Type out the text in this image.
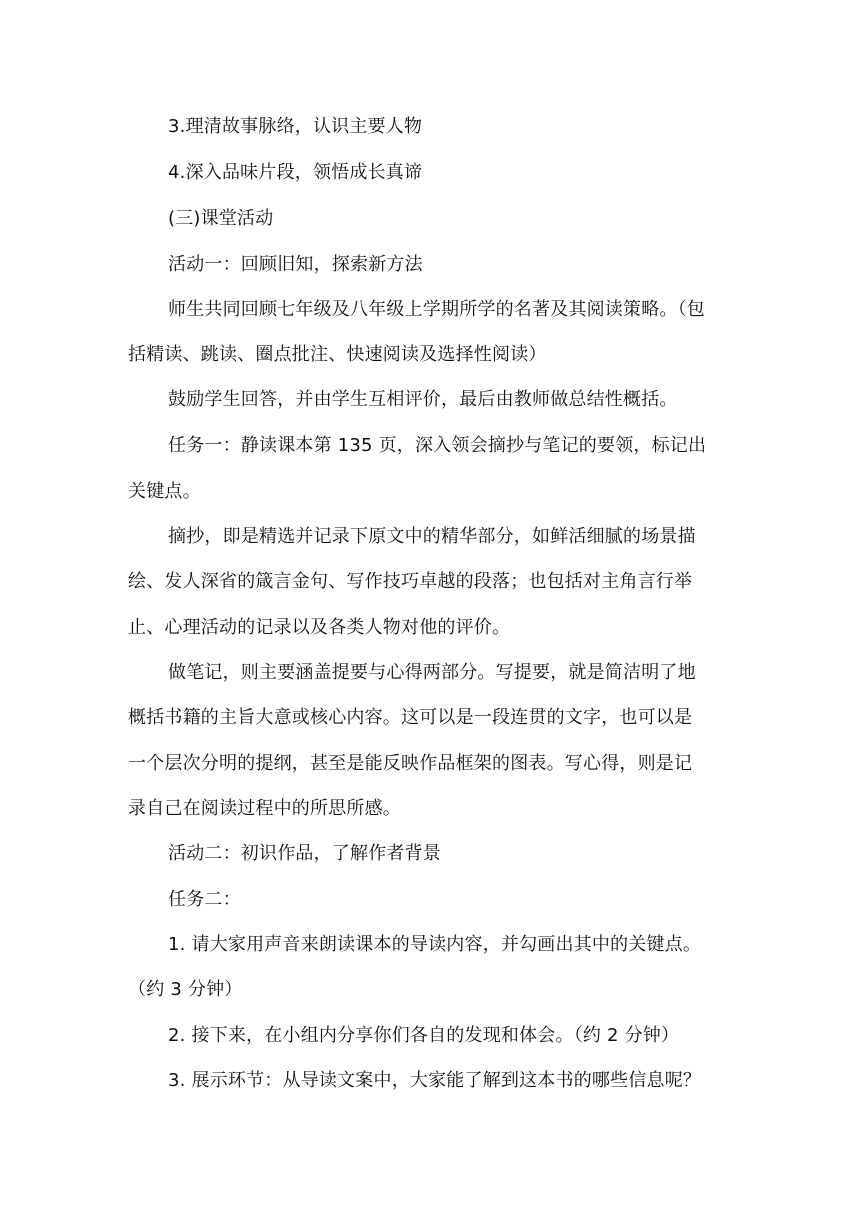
3.理清故事脉络，认识主要人物
4.深入品味片段，领悟成长真谛
(三)课堂活动
活动一：回顾旧知，探索新方法
师生共同回顾七年级及八年级上学期所学的名著及其阅读策略。（包
括精读、跳读、圈点批注、快速阅读及选择性阅读）
鼓励学生回答，并由学生互相评价，最后由教师做总结性概括。
任务一：静读课本第 135 页，深入领会摘抄与笔记的要领，标记出
关键点。
摘抄，即是精选并记录下原文中的精华部分，如鲜活细腻的场景描
绘、发人深省的箴言金句、写作技巧卓越的段落；也包括对主角言行举
止、心理活动的记录以及各类人物对他的评价。
做笔记，则主要涵盖提要与心得两部分。写提要，就是简洁明了地
概括书籍的主旨大意或核心内容。这可以是一段连贯的文字，也可以是
一个层次分明的提纲，甚至是能反映作品框架的图表。写心得，则是记
录自己在阅读过程中的所思所感。
活动二：初识作品，了解作者背景
任务二：
1. 请大家用声音来朗读课本的导读内容，并勾画出其中的关键点。
（约 3 分钟）
2. 接下来，在小组内分享你们各自的发现和体会。（约 2 分钟）
3. 展示环节：从导读文案中，大家能了解到这本书的哪些信息呢？
